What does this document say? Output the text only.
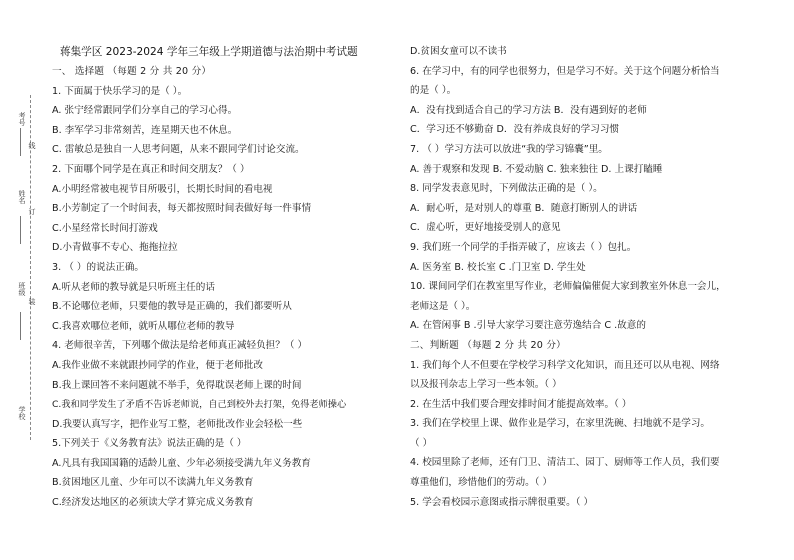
考号
姓名
班级
学校
线
订
装
蒋集学区 2023-2024 学年三年级上学期道德与法治期中考试题
一、 选择题 （每题 2 分 共 20 分）
1. 下面属于快乐学习的是（ ）。
A. 张宁经常跟同学们分享自己的学习心得。
B. 李军学习非常刻苦，连星期天也不休息。
C. 雷敏总是独自一人思考问题，从来不跟同学们讨论交流。
2. 下面哪个同学是在真正和时间交朋友？（ ）
A.小明经常被电视节目所吸引，长期长时间的看电视
B.小芳制定了一个时间表，每天都按照时间表做好每一件事情
C.小星经常长时间打游戏
D.小青做事不专心、拖拖拉拉
3. （ ）的说法正确。
A.听从老师的教导就是只听班主任的话
B.不论哪位老师，只要他的教导是正确的，我们都要听从
C.我喜欢哪位老师，就听从哪位老师的教导
4. 老师很辛苦，下列哪个做法是给老师真正减轻负担？（ ）
A.我作业做不来就跟抄同学的作业，便于老师批改
B.我上课回答不来问题就不举手，免得耽误老师上课的时间
C.我和同学发生了矛盾不告诉老师说，自己到校外去打架，免得老师操心
D.我要认真写字，把作业写工整，老师批改作业会轻松一些
5.下列关于《义务教育法》说法正确的是（ ）
A.凡具有我国国籍的适龄儿童、少年必须接受满九年义务教育
B.贫困地区儿童、少年可以不读满九年义务教育
C.经济发达地区的必须读大学才算完成义务教育
D.贫困女童可以不读书
6. 在学习中，有的同学也很努力，但是学习不好。关于这个问题分析恰当
的是（ ）。
A．没有找到适合自己的学习方法 B．没有遇到好的老师
C．学习还不够勤奋 D．没有养成良好的学习习惯
7. （ ）学习方法可以放进“我的学习锦囊”里。
A. 善于观察和发现 B. 不爱动脑 C. 独来独往 D. 上课打瞌睡
8. 同学发表意见时，下列做法正确的是（ ）。
A．耐心听，是对别人的尊重 B．随意打断别人的讲话
C．虚心听，更好地接受别人的意见
9. 我们班一个同学的手指弄破了，应该去（ ）包扎。
A. 医务室 B. 校长室 C .门卫室 D. 学生处
10. 课间同学们在教室里写作业，老师偏偏催促大家到教室外休息一会儿，
老师这是（ ）。
A. 在管闲事 B .引导大家学习要注意劳逸结合 C .故意的
二、判断题 （每题 2 分 共 20 分）
1. 我们每个人不但要在学校学习科学文化知识，而且还可以从电视、网络
以及报刊杂志上学习一些本领。（ ）
2. 在生活中我们要合理安排时间才能提高效率。（ ）
3. 我们在学校里上课、做作业是学习，在家里洗碗、扫地就不是学习。
（ ）
4. 校园里除了老师，还有门卫、清洁工、园丁、厨师等工作人员，我们要
尊重他们，珍惜他们的劳动。（ ）
5. 学会看校园示意图或指示牌很重要。（ ）
